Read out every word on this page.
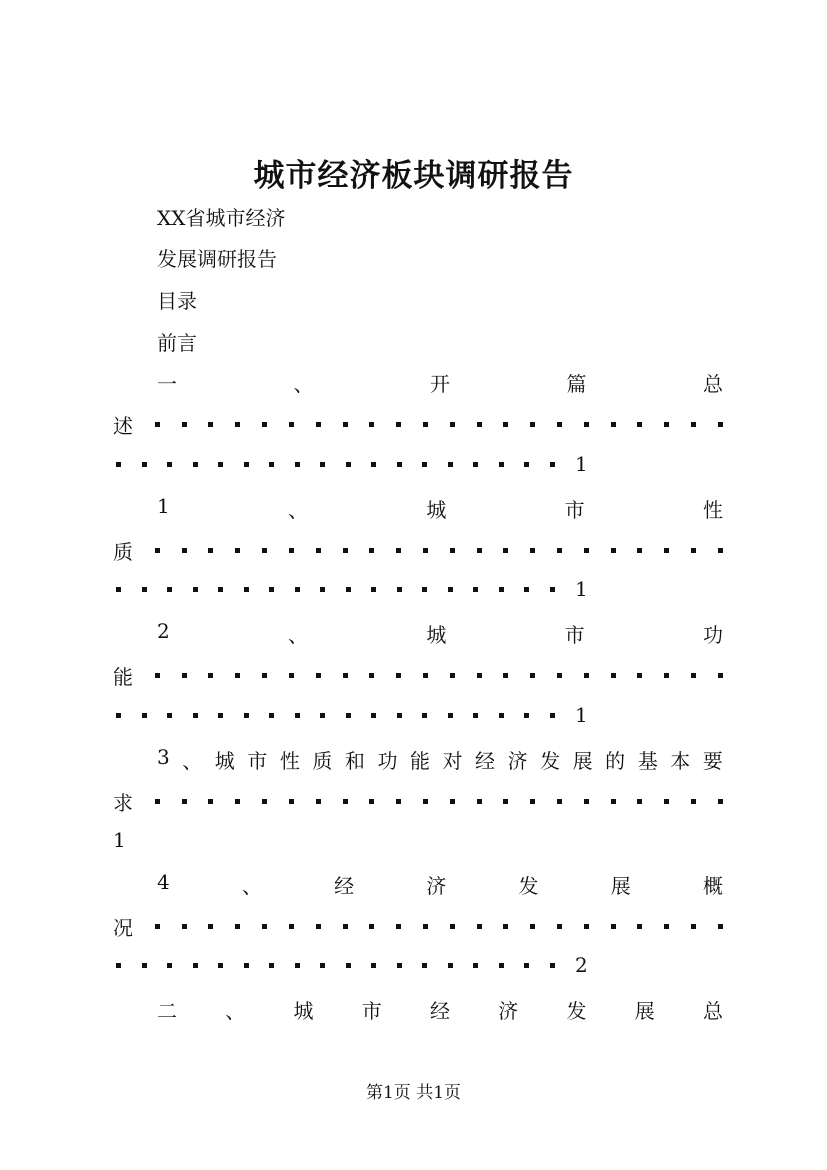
城市经济板块调研报告
XX省城市经济
发展调研报告
目录
前言
一	、	开	篇	总
述
1
1	、	城	市	性
质
1
2	、	城	市	功
能
1
3 、 城 市 性 质 和 功 能 对 经 济 发 展 的 基 本 要
求
1
4	、	经	济	发	展	概
况
2
二 、 城 市 经 济 发 展 总
第1页 共1页
